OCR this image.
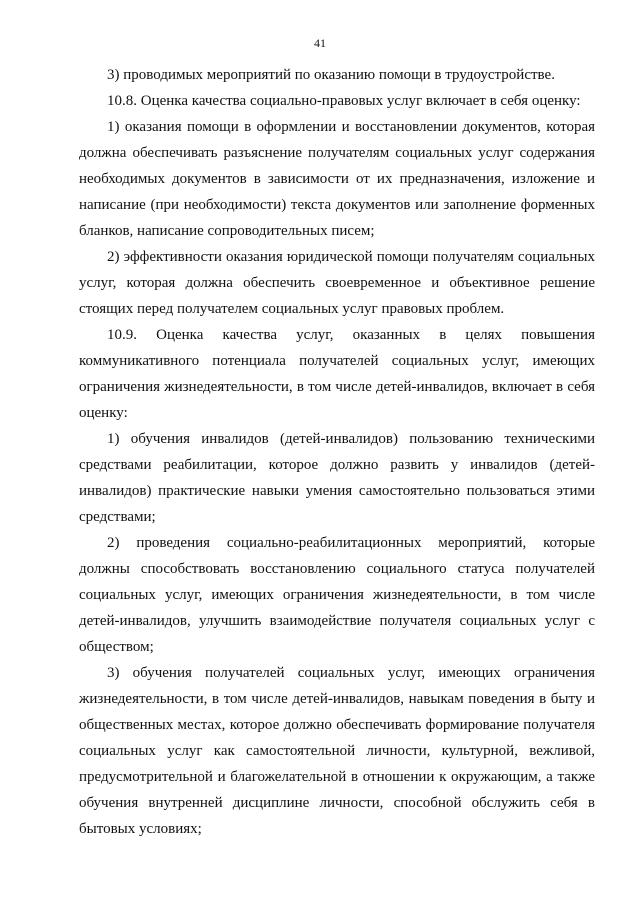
41

3) проводимых мероприятий по оказанию помощи в трудоустройстве.

10.8. Оценка качества социально-правовых услуг включает в себя оценку:

1) оказания помощи в оформлении и восстановлении документов, которая должна обеспечивать разъяснение получателям социальных услуг содержания необходимых документов в зависимости от их предназначения, изложение и написание (при необходимости) текста документов или заполнение форменных бланков, написание сопроводительных писем;

2) эффективности оказания юридической помощи получателям социальных услуг, которая должна обеспечить своевременное и объективное решение стоящих перед получателем социальных услуг правовых проблем.

10.9. Оценка качества услуг, оказанных в целях повышения коммуникативного потенциала получателей социальных услуг, имеющих ограничения жизнедеятельности, в том числе детей-инвалидов, включает в себя оценку:

1) обучения инвалидов (детей-инвалидов) пользованию техническими средствами реабилитации, которое должно развить у инвалидов (детей-инвалидов) практические навыки умения самостоятельно пользоваться этими средствами;

2) проведения социально-реабилитационных мероприятий, которые должны способствовать восстановлению социального статуса получателей социальных услуг, имеющих ограничения жизнедеятельности, в том числе детей-инвалидов, улучшить взаимодействие получателя социальных услуг с обществом;

3) обучения получателей социальных услуг, имеющих ограничения жизнедеятельности, в том числе детей-инвалидов, навыкам поведения в быту и общественных местах, которое должно обеспечивать формирование получателя социальных услуг как самостоятельной личности, культурной, вежливой, предусмотрительной и благожелательной в отношении к окружающим, а также обучения внутренней дисциплине личности, способной обслужить себя в бытовых условиях;
